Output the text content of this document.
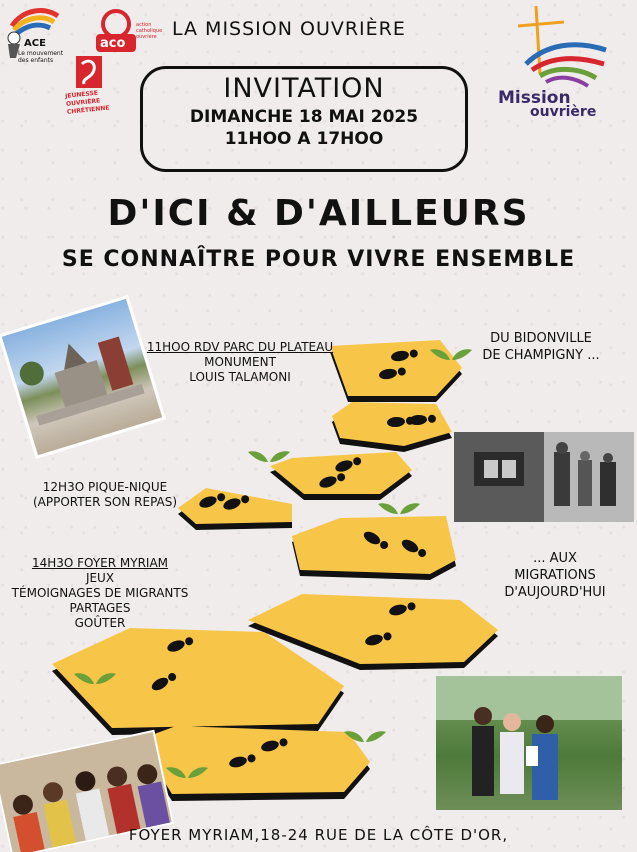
ACE
Le mouvement des enfants
aco
action catholique ouvrière
JEUNESSE OUVRIÈRE CHRÉTIENNE
LA MISSION OUVRIÈRE
Mission
ouvrière
INVITATION
DIMANCHE 18 MAI 2025
11HOO A 17HOO
D'ICI & D'AILLEURS
SE CONNAÎTRE POUR VIVRE ENSEMBLE
11HOO RDV PARC DU PLATEAU
MONUMENT
LOUIS TALAMONI
12H3O PIQUE-NIQUE
(APPORTER SON REPAS)
14H3O FOYER MYRIAM
JEUX
TÉMOIGNAGES DE MIGRANTS
PARTAGES
GOÛTER
DU BIDONVILLE
DE CHAMPIGNY ...
... AUX
MIGRATIONS
D'AUJOURD'HUI
FOYER MYRIAM,18-24 RUE DE LA CÔTE D'OR,
